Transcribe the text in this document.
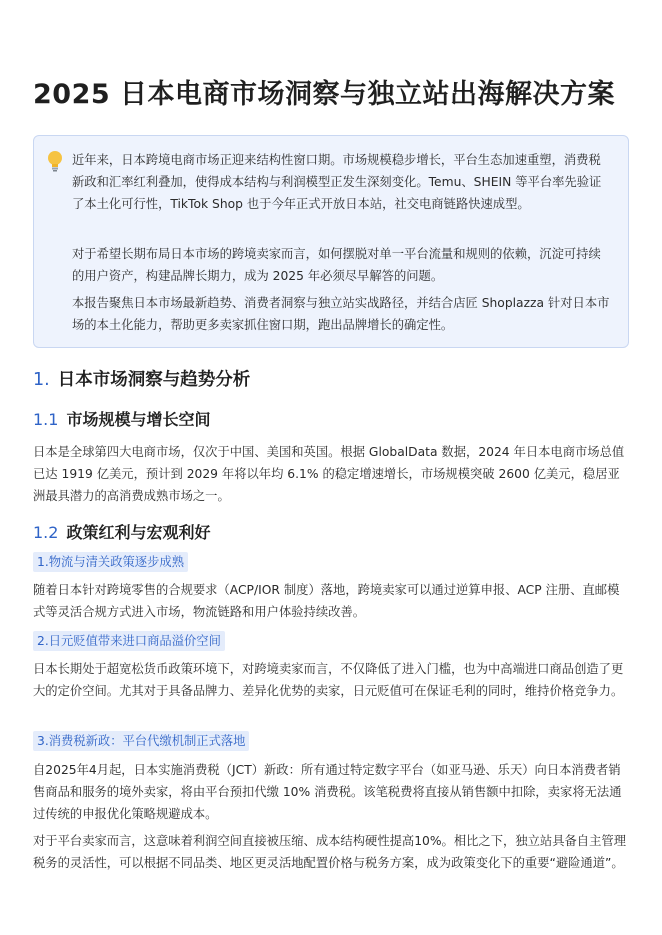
2025 日本电商市场洞察与独立站出海解决方案

近年来，日本跨境电商市场正迎来结构性窗口期。市场规模稳步增长，平台生态加速重塑，消费税新政和汇率红利叠加，使得成本结构与利润模型正发生深刻变化。Temu、SHEIN 等平台率先验证了本土化可行性，TikTok Shop 也于今年正式开放日本站，社交电商链路快速成型。

对于希望长期布局日本市场的跨境卖家而言，如何摆脱对单一平台流量和规则的依赖，沉淀可持续的用户资产，构建品牌长期力，成为 2025 年必须尽早解答的问题。

本报告聚焦日本市场最新趋势、消费者洞察与独立站实战路径，并结合店匠 Shoplazza 针对日本市场的本土化能力，帮助更多卖家抓住窗口期，跑出品牌增长的确定性。

1. 日本市场洞察与趋势分析
1.1 市场规模与增长空间

日本是全球第四大电商市场，仅次于中国、美国和英国。根据 GlobalData 数据，2024 年日本电商市场总值已达 1919 亿美元，预计到 2029 年将以年均 6.1% 的稳定增速增长，市场规模突破 2600 亿美元，稳居亚洲最具潜力的高消费成熟市场之一。

1.2 政策红利与宏观利好
1.物流与清关政策逐步成熟

随着日本针对跨境零售的合规要求（ACP/IOR 制度）落地，跨境卖家可以通过逆算申报、ACP 注册、直邮模式等灵活合规方式进入市场，物流链路和用户体验持续改善。

2.日元贬值带来进口商品溢价空间

日本长期处于超宽松货币政策环境下，对跨境卖家而言，不仅降低了进入门槛，也为中高端进口商品创造了更大的定价空间。尤其对于具备品牌力、差异化优势的卖家，日元贬值可在保证毛利的同时，维持价格竞争力。

3.消费税新政：平台代缴机制正式落地

自2025年4月起，日本实施消费税（JCT）新政：所有通过特定数字平台（如亚马逊、乐天）向日本消费者销售商品和服务的境外卖家，将由平台预扣代缴 10% 消费税。该笔税费将直接从销售额中扣除，卖家将无法通过传统的申报优化策略规避成本。

对于平台卖家而言，这意味着利润空间直接被压缩、成本结构硬性提高10%。相比之下，独立站具备自主管理税务的灵活性，可以根据不同品类、地区更灵活地配置价格与税务方案，成为政策变化下的重要“避险通道”。
